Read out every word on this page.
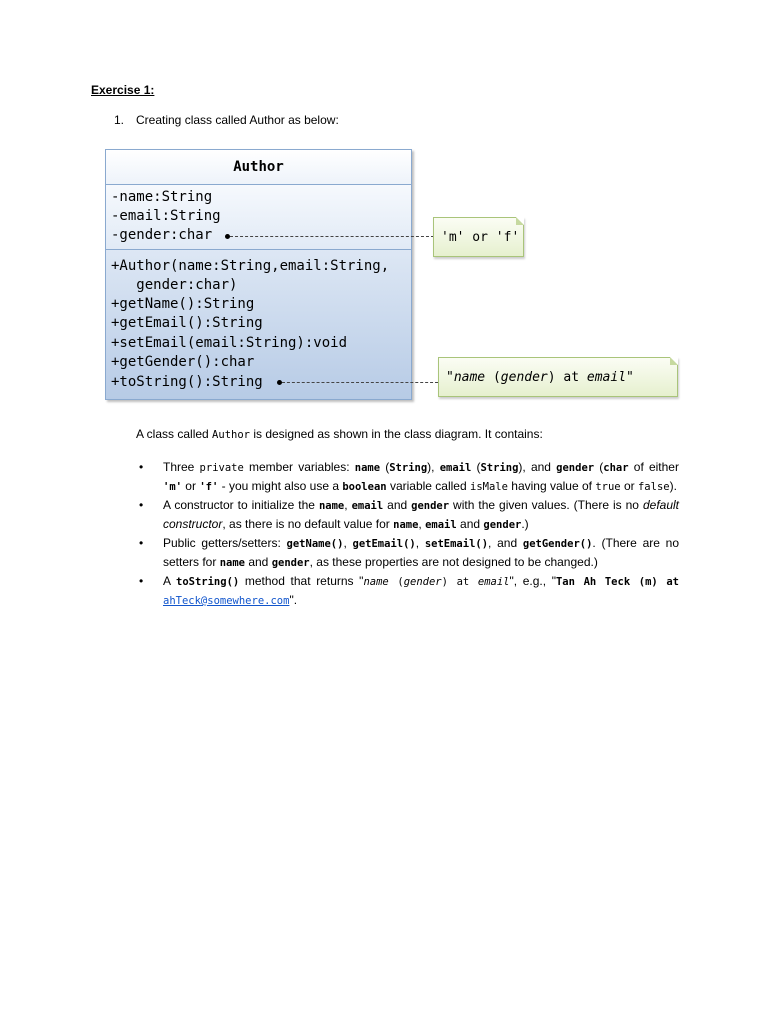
Exercise 1:
1. Creating class called Author as below:
Author
-name:String
-email:String
-gender:char
+Author(name:String,email:String,
gender:char)
+getName():String
+getEmail():String
+setEmail(email:String):void
+getGender():char
+toString():String
'm' or 'f'
"name (gender) at email"
A class called Author is designed as shown in the class diagram. It contains:
• Three private member variables: name (String), email (String), and gender (char of either 'm' or 'f' - you might also use a boolean variable called isMale having value of true or false).
• A constructor to initialize the name, email and gender with the given values. (There is no default constructor, as there is no default value for name, email and gender.)
• Public getters/setters: getName(), getEmail(), setEmail(), and getGender(). (There are no setters for name and gender, as these properties are not designed to be changed.)
• A toString() method that returns "name (gender) at email", e.g., "Tan Ah Teck (m) at ahTeck@somewhere.com".
